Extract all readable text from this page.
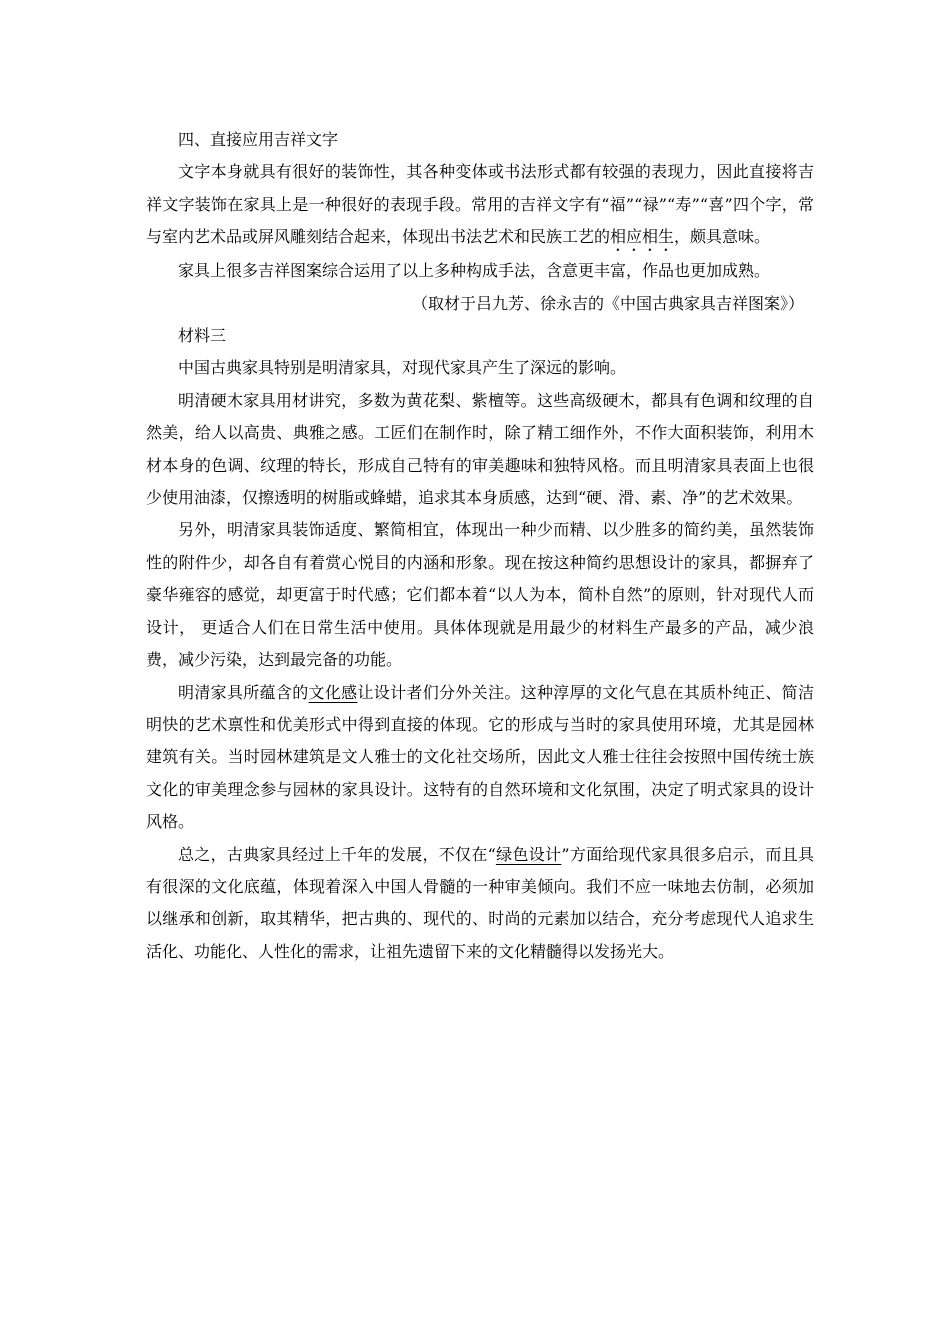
四、直接应用吉祥文字

文字本身就具有很好的装饰性，其各种变体或书法形式都有较强的表现力，因此直接将吉祥文字装饰在家具上是一种很好的表现手段。常用的吉祥文字有“福”“禄”“寿”“喜”四个字，常与室内艺术品或屏风雕刻结合起来，体现出书法艺术和民族工艺的相应相生，颇具意味。

家具上很多吉祥图案综合运用了以上多种构成手法，含意更丰富，作品也更加成熟。

（取材于吕九芳、徐永吉的《中国古典家具吉祥图案》）

材料三

中国古典家具特别是明清家具，对现代家具产生了深远的影响。

明清硬木家具用材讲究，多数为黄花梨、紫檀等。这些高级硬木，都具有色调和纹理的自然美，给人以高贵、典雅之感。工匠们在制作时，除了精工细作外，不作大面积装饰，利用木材本身的色调、纹理的特长，形成自己特有的审美趣味和独特风格。而且明清家具表面上也很少使用油漆，仅擦透明的树脂或蜂蜡，追求其本身质感，达到“硬、滑、素、净”的艺术效果。

另外，明清家具装饰适度、繁简相宜，体现出一种少而精、以少胜多的简约美，虽然装饰性的附件少，却各自有着赏心悦目的内涵和形象。现在按这种简约思想设计的家具，都摒弃了豪华雍容的感觉，却更富于时代感；它们都本着“以人为本，简朴自然”的原则，针对现代人而设计， 更适合人们在日常生活中使用。具体体现就是用最少的材料生产最多的产品，减少浪费，减少污染，达到最完备的功能。

明清家具所蕴含的文化感让设计者们分外关注。这种淳厚的文化气息在其质朴纯正、简洁明快的艺术禀性和优美形式中得到直接的体现。它的形成与当时的家具使用环境，尤其是园林建筑有关。当时园林建筑是文人雅士的文化社交场所，因此文人雅士往往会按照中国传统士族文化的审美理念参与园林的家具设计。这特有的自然环境和文化氛围，决定了明式家具的设计风格。

总之，古典家具经过上千年的发展，不仅在“绿色设计”方面给现代家具很多启示，而且具有很深的文化底蕴，体现着深入中国人骨髓的一种审美倾向。我们不应一味地去仿制，必须加以继承和创新，取其精华，把古典的、现代的、时尚的元素加以结合，充分考虑现代人追求生活化、功能化、人性化的需求，让祖先遗留下来的文化精髓得以发扬光大。
